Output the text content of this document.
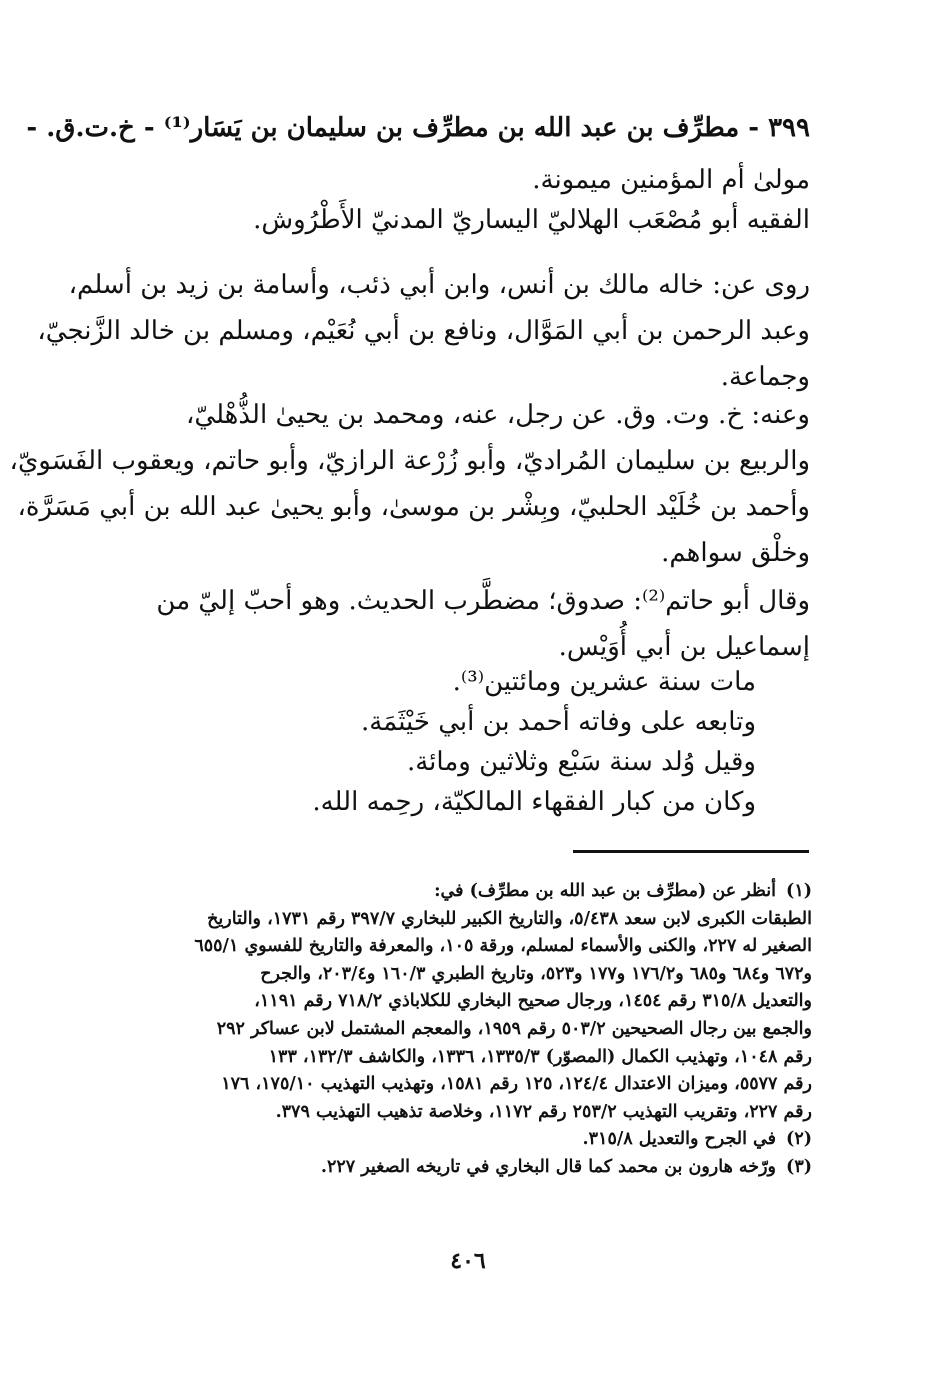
٣٩٩ - مطرِّف بن عبد الله بن مطرِّف بن سليمان بن يَسَار⁽¹⁾ - خ.ت.ق. -
مولىٰ أم المؤمنين ميمونة.
الفقيه أبو مُصْعَب الهلاليّ اليساريّ المدنيّ الأَطْرُوش.
روى عن: خاله مالك بن أنس، وابن أبي ذئب، وأسامة بن زيد بن أسلم،
وعبد الرحمن بن أبي المَوَّال، ونافع بن أبي نُعَيْم، ومسلم بن خالد الزَّنجيّ،
وجماعة.
وعنه: خ. وت. وق. عن رجل، عنه، ومحمد بن يحيىٰ الذُّهْليّ،
والربيع بن سليمان المُراديّ، وأبو زُرْعة الرازيّ، وأبو حاتم، ويعقوب الفَسَويّ،
وأحمد بن خُلَيْد الحلبيّ، وبِشْر بن موسىٰ، وأبو يحيىٰ عبد الله بن أبي مَسَرَّة،
وخلْق سواهم.
وقال أبو حاتم⁽²⁾: صدوق؛ مضطَّرب الحديث. وهو أحبّ إليّ من
إسماعيل بن أبي أُوَيْس.
مات سنة عشرين ومائتين⁽³⁾.
وتابعه على وفاته أحمد بن أبي خَيْثَمَة.
وقيل وُلد سنة سَبْع وثلاثين ومائة.
وكان من كبار الفقهاء المالكيّة، رحِمه الله.
(١)
أنظر عن (مطرِّف بن عبد الله بن مطرِّف) في:
الطبقات الكبرى لابن سعد ٥/٤٣٨، والتاريخ الكبير للبخاري ٣٩٧/٧ رقم ١٧٣١، والتاريخ
الصغير له ٢٢٧، والكنى والأسماء لمسلم، ورقة ١٠٥، والمعرفة والتاريخ للفسوي ٦٥٥/١
و٦٧٢ و٦٨٤ و٦٨٥ و١٧٦/٢ و١٧٧ و٥٢٣، وتاريخ الطبري ١٦٠/٣ و٢٠٣/٤، والجرح
والتعديل ٣١٥/٨ رقم ١٤٥٤، ورجال صحيح البخاري للكلاباذي ٧١٨/٢ رقم ١١٩١،
والجمع بين رجال الصحيحين ٥٠٣/٢ رقم ١٩٥٩، والمعجم المشتمل لابن عساكر ٢٩٢
رقم ١٠٤٨، وتهذيب الكمال (المصوّر) ١٣٣٥/٣، ١٣٣٦، والكاشف ١٣٢/٣، ١٣٣
رقم ٥٥٧٧، وميزان الاعتدال ١٢٤/٤، ١٢٥ رقم ١٥٨١، وتهذيب التهذيب ١٧٥/١٠، ١٧٦
رقم ٢٢٧، وتقريب التهذيب ٢٥٣/٢ رقم ١١٧٢، وخلاصة تذهيب التهذيب ٣٧٩.
(٢)
في الجرح والتعديل ٣١٥/٨.
(٣)
ورّخه هارون بن محمد كما قال البخاري في تاريخه الصغير ٢٢٧.
٤٠٦
